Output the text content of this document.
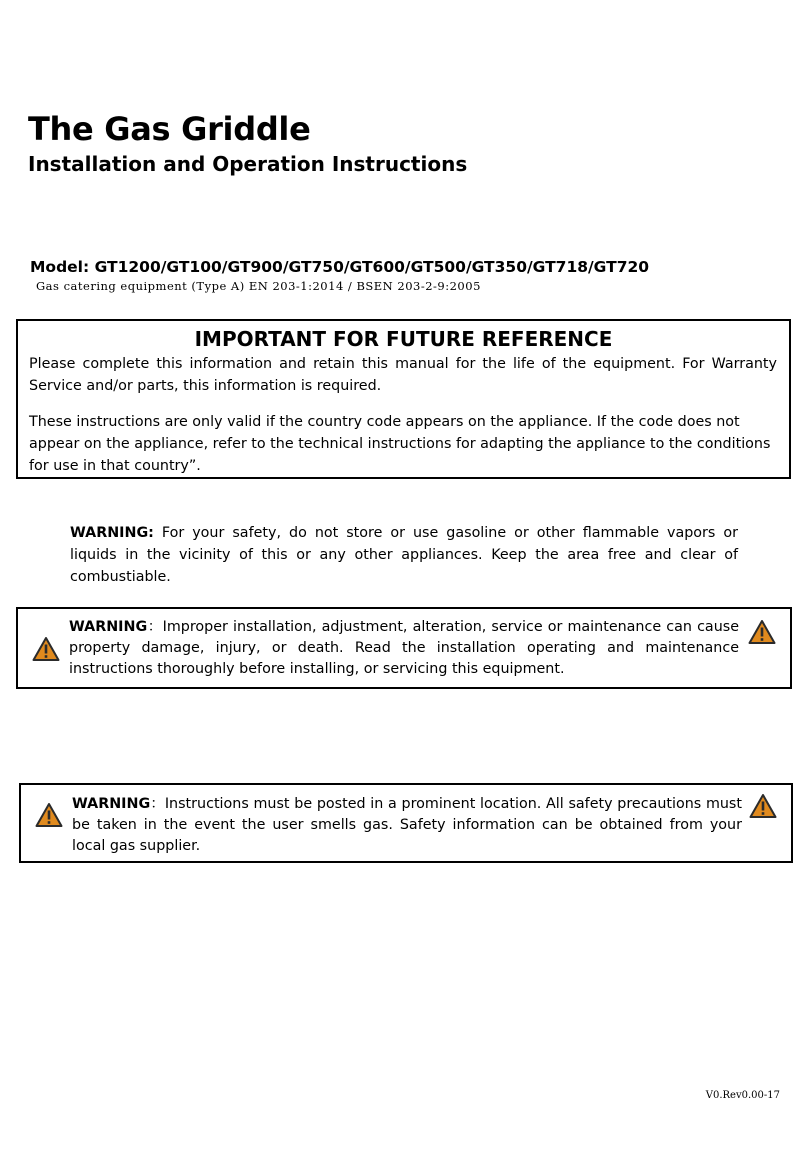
The Gas Griddle
Installation and Operation Instructions
Model: GT1200/GT100/GT900/GT750/GT600/GT500/GT350/GT718/GT720
Gas catering equipment (Type A) EN 203-1:2014 / BSEN 203-2-9:2005
IMPORTANT FOR FUTURE REFERENCE

Please complete this information and retain this manual for the life of the equipment. For Warranty Service and/or parts, this information is required.

These instructions are only valid if the country code appears on the appliance. If the code does not appear on the appliance, refer to the technical instructions for adapting the appliance to the conditions for use in that country”.

WARNING: For your safety, do not store or use gasoline or other flammable vapors or liquids in the vicinity of this or any other appliances. Keep the area free and clear of combustiable.

WARNING：Improper installation, adjustment, alteration, service or maintenance can cause property damage, injury, or death. Read the installation operating and maintenance instructions thoroughly before installing, or servicing this equipment.

WARNING：Instructions must be posted in a prominent location. All safety precautions must be taken in the event the user smells gas. Safety information can be obtained from your local gas supplier.

V0.Rev0.00-17
